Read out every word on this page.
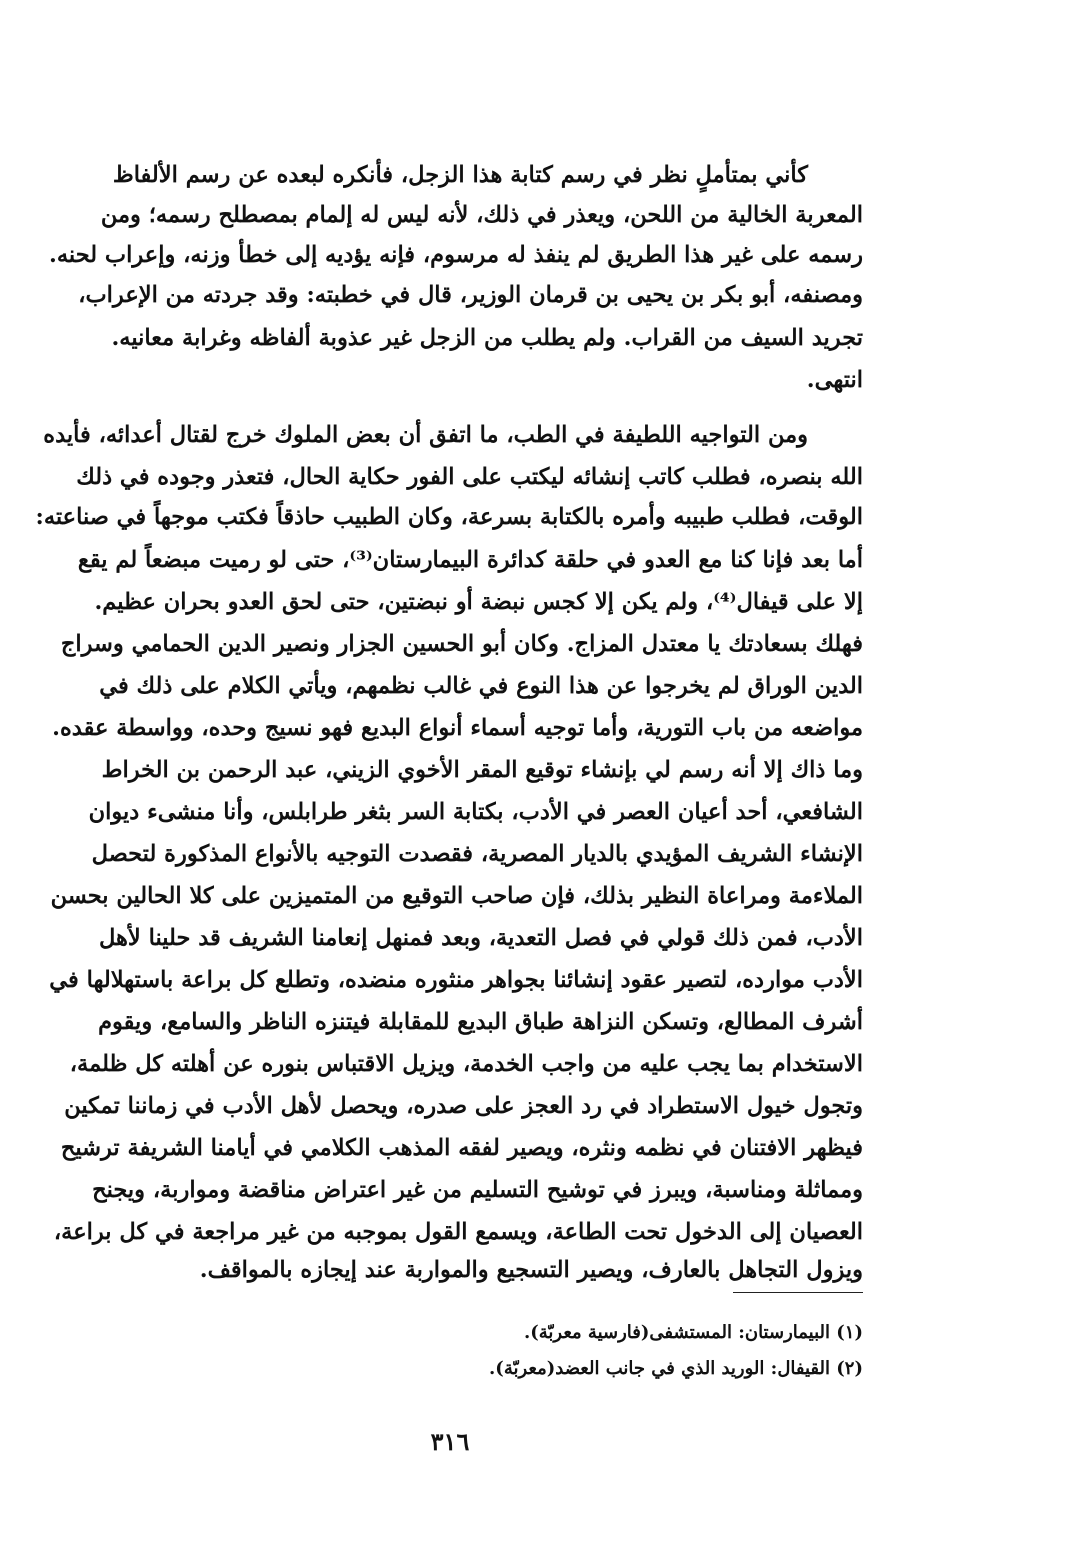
كأني بمتأملٍ نظر في رسم كتابة هذا الزجل، فأنكره لبعده عن رسم الألفاظ
المعربة الخالية من اللحن، ويعذر في ذلك، لأنه ليس له إلمام بمصطلح رسمه؛ ومن
رسمه على غير هذا الطريق لم ينفذ له مرسوم، فإنه يؤديه إلى خطأ وزنه، وإعراب لحنه.
ومصنفه، أبو بكر بن يحيى بن قرمان الوزير، قال في خطبته: وقد جردته من الإعراب،
تجريد السيف من القراب. ولم يطلب من الزجل غير عذوبة ألفاظه وغرابة معانيه.
انتهى.
ومن التواجيه اللطيفة في الطب، ما اتفق أن بعض الملوك خرج لقتال أعدائه، فأيده
الله بنصره، فطلب كاتب إنشائه ليكتب على الفور حكاية الحال، فتعذر وجوده في ذلك
الوقت، فطلب طبيبه وأمره بالكتابة بسرعة، وكان الطبيب حاذقاً فكتب موجهاً في صناعته:
أما بعد فإنا كنا مع العدو في حلقة كدائرة البيمارستان⁽³⁾، حتى لو رميت مبضعاً لم يقع
إلا على قيفال⁽⁴⁾، ولم يكن إلا كجس نبضة أو نبضتين، حتى لحق العدو بحران عظيم.
فهلك بسعادتك يا معتدل المزاج. وكان أبو الحسين الجزار ونصير الدين الحمامي وسراج
الدين الوراق لم يخرجوا عن هذا النوع في غالب نظمهم، ويأتي الكلام على ذلك في
مواضعه من باب التورية، وأما توجيه أسماء أنواع البديع فهو نسيج وحده، وواسطة عقده.
وما ذاك إلا أنه رسم لي بإنشاء توقيع المقر الأخوي الزيني، عبد الرحمن بن الخراط
الشافعي، أحد أعيان العصر في الأدب، بكتابة السر بثغر طرابلس، وأنا منشىء ديوان
الإنشاء الشريف المؤيدي بالديار المصرية، فقصدت التوجيه بالأنواع المذكورة لتحصل
الملاءمة ومراعاة النظير بذلك، فإن صاحب التوقيع من المتميزين على كلا الحالين بحسن
الأدب، فمن ذلك قولي في فصل التعدية، وبعد فمنهل إنعامنا الشريف قد حلينا لأهل
الأدب موارده، لتصير عقود إنشائنا بجواهر منثوره منضده، وتطلع كل براعة باستهلالها في
أشرف المطالع، وتسكن النزاهة طباق البديع للمقابلة فيتنزه الناظر والسامع، ويقوم
الاستخدام بما يجب عليه من واجب الخدمة، ويزيل الاقتباس بنوره عن أهلته كل ظلمة،
وتجول خيول الاستطراد في رد العجز على صدره، ويحصل لأهل الأدب في زماننا تمكين
فيظهر الافتنان في نظمه ونثره، ويصير لفقه المذهب الكلامي في أيامنا الشريفة ترشيح
ومماثلة ومناسبة، ويبرز في توشيح التسليم من غير اعتراض مناقضة ومواربة، ويجنح
العصيان إلى الدخول تحت الطاعة، ويسمع القول بموجبه من غير مراجعة في كل براعة،
ويزول التجاهل بالعارف، ويصير التسجيع والمواربة عند إيجازه بالمواقف.
(١) البيمارستان: المستشفى(فارسية معربّة).
(٢) القيفال: الوريد الذي في جانب العضد(معربّة).
٣١٦
